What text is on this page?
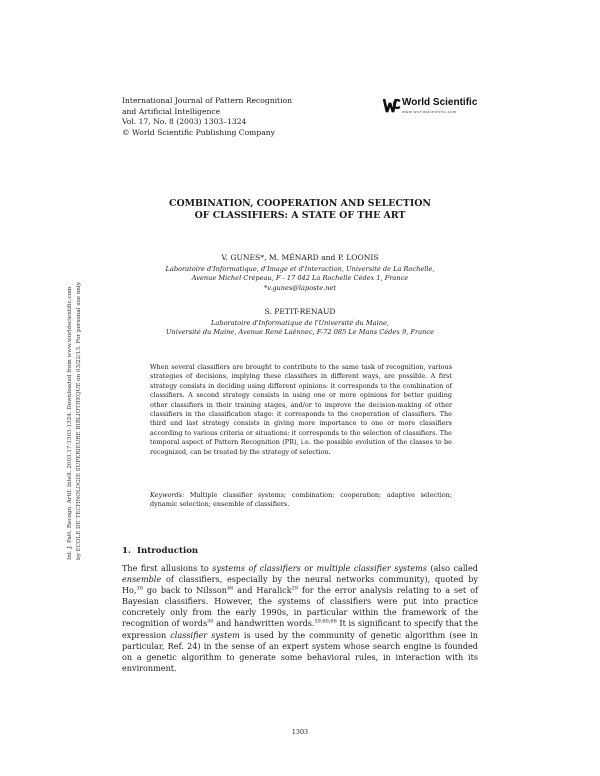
International Journal of Pattern Recognition
and Artificial Intelligence
Vol. 17, No. 8 (2003) 1303–1324
© World Scientific Publishing Company
World Scientific
www.worldscientific.com
COMBINATION, COOPERATION AND SELECTION
OF CLASSIFIERS: A STATE OF THE ART
V. GUNES*, M. MÉNARD and P. LOONIS
Laboratoire d'Informatique, d'Image et d'Interaction, Université de La Rochelle,
Avenue Michel Crépeau, F - 17 042 La Rochelle Cédex 1, France
*v.gunes@laposte.net
S. PETIT-RENAUD
Laboratoire d'Informatique de l'Université du Maine,
Université du Maine, Avenue René Laënnec, F-72 085 Le Mans Cédex 9, France

When several classifiers are brought to contribute to the same task of recognition, various strategies of decisions, implying these classifiers in different ways, are possible. A first strategy consists in deciding using different opinions: it corresponds to the combination of classifiers. A second strategy consists in using one or more opinions for better guiding other classifiers in their training stages, and/or to improve the decision-making of other classifiers in the classification stage: it corresponds to the cooperation of classifiers. The third and last strategy consists in giving more importance to one or more classifiers according to various criteria or situations: it corresponds to the selection of classifiers. The temporal aspect of Pattern Recognition (PR), i.e. the possible evolution of the classes to be recognized, can be treated by the strategy of selection.

Keywords: Multiple classifier systems; combination; cooperation; adaptive selection; dynamic selection; ensemble of classifiers.
1. Introduction

The first allusions to systems of classifiers or multiple classifier systems (also called ensemble of classifiers, especially by the neural networks community), quoted by Ho,$^{30}$ go back to Nilsson$^{46}$ and Haralick$^{29}$ for the error analysis relating to a set of Bayesian classifiers. However, the systems of classifiers were put into practice concretely only from the early 1990s, in particular within the framework of the recognition of words$^{30}$ and handwritten words.$^{59,60,66}$ It is significant to specify that the expression classifier system is used by the community of genetic algorithm (see in particular, Ref. 24) in the sense of an expert system whose search engine is founded on a genetic algorithm to generate some behavioral rules, in interaction with its environment.

1303
Int. J. Patt. Recogn. Artif. Intell. 2003.17:1303-1324. Downloaded from www.worldscientific.com by ECOLE DE TECHNOLOGIE SUPERIEURE BIBLIOTHEQUE on 03/22/13. For personal use only.
